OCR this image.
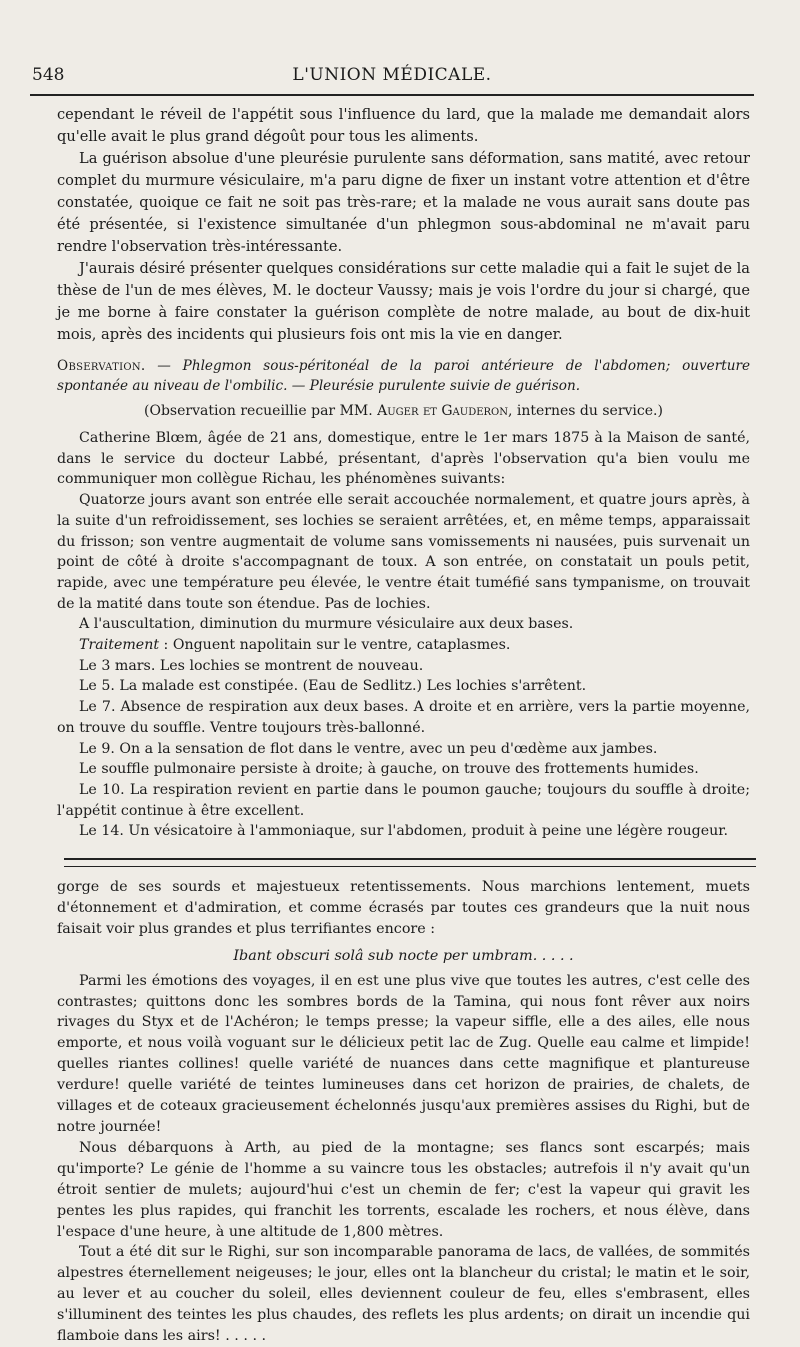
548	L'UNION MÉDICALE.

cependant le réveil de l'appétit sous l'influence du lard, que la malade me demandait alors qu'elle avait le plus grand dégoût pour tous les aliments.

La guérison absolue d'une pleurésie purulente sans déformation, sans matité, avec retour complet du murmure vésiculaire, m'a paru digne de fixer un instant votre attention et d'être constatée, quoique ce fait ne soit pas très-rare; et la malade ne vous aurait sans doute pas été présentée, si l'existence simultanée d'un phlegmon sous-abdominal ne m'avait paru rendre l'observation très-intéressante.

J'aurais désiré présenter quelques considérations sur cette maladie qui a fait le sujet de la thèse de l'un de mes élèves, M. le docteur Vaussy; mais je vois l'ordre du jour si chargé, que je me borne à faire constater la guérison complète de notre malade, au bout de dix-huit mois, après des incidents qui plusieurs fois ont mis la vie en danger.

Observation. — Phlegmon sous-péritonéal de la paroi antérieure de l'abdomen; ouverture spontanée au niveau de l'ombilic. — Pleurésie purulente suivie de guérison.

(Observation recueillie par MM. Auger et Gauderon, internes du service.)

Catherine Blœm, âgée de 21 ans, domestique, entre le 1er mars 1875 à la Maison de santé, dans le service du docteur Labbé, présentant, d'après l'observation qu'a bien voulu me communiquer mon collègue Richau, les phénomènes suivants:

Quatorze jours avant son entrée elle serait accouchée normalement, et quatre jours après, à la suite d'un refroidissement, ses lochies se seraient arrêtées, et, en même temps, apparaissait du frisson; son ventre augmentait de volume sans vomissements ni nausées, puis survenait un point de côté à droite s'accompagnant de toux. A son entrée, on constatait un pouls petit, rapide, avec une température peu élevée, le ventre était tuméfié sans tympanisme, on trouvait de la matité dans toute son étendue. Pas de lochies.

A l'auscultation, diminution du murmure vésiculaire aux deux bases.

Traitement : Onguent napolitain sur le ventre, cataplasmes.

Le 3 mars. Les lochies se montrent de nouveau.

Le 5. La malade est constipée. (Eau de Sedlitz.) Les lochies s'arrêtent.

Le 7. Absence de respiration aux deux bases. A droite et en arrière, vers la partie moyenne, on trouve du souffle. Ventre toujours très-ballonné.

Le 9. On a la sensation de flot dans le ventre, avec un peu d'œdème aux jambes.

Le souffle pulmonaire persiste à droite; à gauche, on trouve des frottements humides.

Le 10. La respiration revient en partie dans le poumon gauche; toujours du souffle à droite; l'appétit continue à être excellent.

Le 14. Un vésicatoire à l'ammoniaque, sur l'abdomen, produit à peine une légère rougeur.

gorge de ses sourds et majestueux retentissements. Nous marchions lentement, muets d'étonnement et d'admiration, et comme écrasés par toutes ces grandeurs que la nuit nous faisait voir plus grandes et plus terrifiantes encore :

Ibant obscuri solâ sub nocte per umbram. . . . .

Parmi les émotions des voyages, il en est une plus vive que toutes les autres, c'est celle des contrastes; quittons donc les sombres bords de la Tamina, qui nous font rêver aux noirs rivages du Styx et de l'Achéron; le temps presse; la vapeur siffle, elle a des ailes, elle nous emporte, et nous voilà voguant sur le délicieux petit lac de Zug. Quelle eau calme et limpide! quelles riantes collines! quelle variété de nuances dans cette magnifique et plantureuse verdure! quelle variété de teintes lumineuses dans cet horizon de prairies, de chalets, de villages et de coteaux gracieusement échelonnés jusqu'aux premières assises du Righi, but de notre journée!

Nous débarquons à Arth, au pied de la montagne; ses flancs sont escarpés; mais qu'importe? Le génie de l'homme a su vaincre tous les obstacles; autrefois il n'y avait qu'un étroit sentier de mulets; aujourd'hui c'est un chemin de fer; c'est la vapeur qui gravit les pentes les plus rapides, qui franchit les torrents, escalade les rochers, et nous élève, dans l'espace d'une heure, à une altitude de 1,800 mètres.

Tout a été dit sur le Righi, sur son incomparable panorama de lacs, de vallées, de sommités alpestres éternellement neigeuses; le jour, elles ont la blancheur du cristal; le matin et le soir, au lever et au coucher du soleil, elles deviennent couleur de feu, elles s'embrasent, elles s'illuminent des teintes les plus chaudes, des reflets les plus ardents; on dirait un incendie qui flamboie dans les airs! . . . . .
